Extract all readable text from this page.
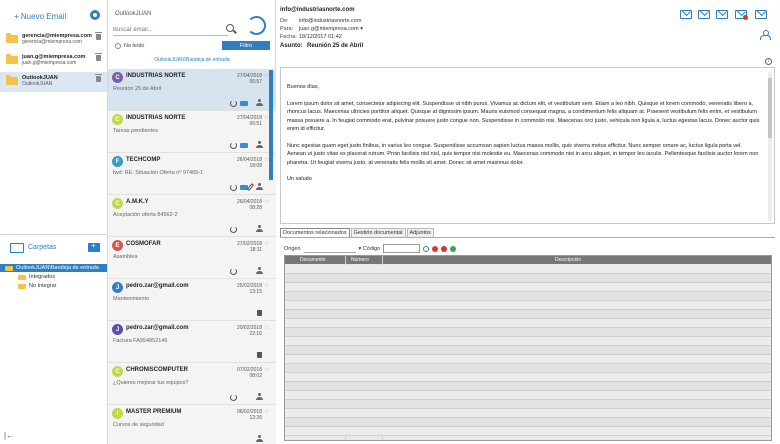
+ Nuevo Email
gerencia@miempresa.com
gerencia@miempresa.com
juan.g@miempresa.com
juan.g@miempresa.com
OutlookJUAN
OutlookJUAN
Carpetas
+
OutlookJUAN\Bandeja de entrada
Integrados
No Integrar
|←
OutlookJUAN
Buscar email...
No leído	Filtro
OutlookJUAN\Bandeja de entrada
C	INDUSTRIAS NORTE
Reunión 25 de Abril
27/04/2018
06:57
☆
C	INDUSTRIAS NORTE
Tareas pendientes
27/04/2018
06:51
☆
F	TECHCOMP
fwd: RE: Situación Oferta nº 97465-1
26/04/2018
18:08
☆
C	A.M.K.Y
Aceptación oferta 84562-2
26/04/2018
08:28
☆
E	COSMOFAR
Asamblea
27/02/2018
18:11
☆
J	pedro.zar@gmail.com
Mantenimiento
25/02/2018
13:15
☆
J	pedro.zar@gmail.com
Factura FA954852146
20/02/2018
22:16
☆
C	CHRONISCOMPUTER
¿Quieres mejorar tus equipos?
07/02/2018
08:02
☆
I	MASTER PREMIUM
Cursos de seguridad
06/02/2018
12:26
☆
info@industriasnorte.com
De:	info@industriasnorte.com
Para:	juan.g@miempresa.com ▾
Fecha: 18/12/2017 01:42
Asunto: Reunión 25 de Abril
i

Buenos días,

Lorem ipsum dolor sit amet, consectetur adipiscing elit. Suspendisse ut nibh purus. Vivamus ac dictum elit, et vestibulum sem. Etiam a leo nibh. Quisque et lorem commodo, venenatis libero a, rhoncus lacus. Maecenas ultricies porttitor aliquet. Quisque at dignissim ipsum. Mauris euismod consequat magna, a condimentum felis aliquam at. Praesent vestibulum felis enim, et vestibulum massa posuere a. In feugiat commodo erat, pulvinar posuere justo congue non. Suspendisse in commodo nisi. Maecenas orci justo, vehicula non ligula a, luctus egestas lacus. Donec auctor quis enim id efficitur.

Nunc egestas quam eget justo finibus, in varius leo congue. Suspendisse accumsan sapien luctus massa mollis, quis viverra metus efficitur. Nunc semper ornare ac, luctus ligula porta vel. Aenean ut justo vitae ex placerat rutrum. Proin facilisis nisl nisl, quis tempor nisi molestie eu. Maecenas commodo nisi in arcu aliquet, in tempor leo iaculis. Pellentesque facilisis auctor lorem non pharetra. Ut feugiat viverra justo, at venenatis felis mollis sit amet. Donec sit amet maximus dolor.

Un saludo

Documentos relacionados	Gestión documental	Adjuntos
Origen	▾ Código
Documento	Número	Descripción
